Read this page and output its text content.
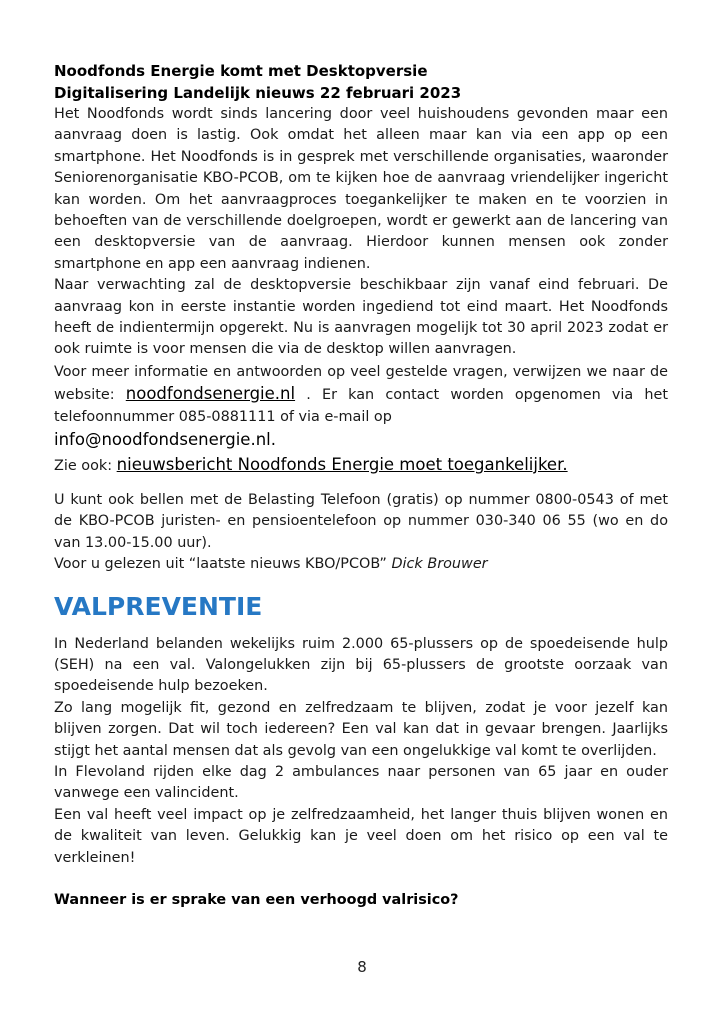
Noodfonds Energie komt met Desktopversie

Digitalisering Landelijk nieuws 22 februari 2023

Het Noodfonds wordt sinds lancering door veel huishoudens gevonden maar een aanvraag doen is lastig. Ook omdat het alleen maar kan via een app op een smartphone. Het Noodfonds is in gesprek met verschillende organisaties, waaronder Seniorenorganisatie KBO-PCOB, om te kijken hoe de aanvraag vriendelijker ingericht kan worden. Om het aanvraagproces toegankelijker te maken en te voorzien in behoeften van de verschillende doelgroepen, wordt er gewerkt aan de lancering van een desktopversie van de aanvraag. Hierdoor kunnen mensen ook zonder smartphone en app een aanvraag indienen.

Naar verwachting zal de desktopversie beschikbaar zijn vanaf eind februari. De aanvraag kon in eerste instantie worden ingediend tot eind maart. Het Noodfonds heeft de indientermijn opgerekt. Nu is aanvragen mogelijk tot 30 april 2023 zodat er ook ruimte is voor mensen die via de desktop willen aanvragen.

Voor meer informatie en antwoorden op veel gestelde vragen, verwijzen we naar de website: noodfondsenergie.nl . Er kan contact worden opgenomen via het telefoonnummer 085-0881111 of via e-mail op

info@noodfondsenergie.nl.

Zie ook: nieuwsbericht Noodfonds Energie moet toegankelijker.

U kunt ook bellen met de Belasting Telefoon (gratis) op nummer 0800-0543 of met de KBO-PCOB juristen- en pensioentelefoon op nummer 030-340 06 55 (wo en do van 13.00-15.00 uur).

Voor u gelezen uit “laatste nieuws KBO/PCOB” Dick Brouwer

VALPREVENTIE

In Nederland belanden wekelijks ruim 2.000 65-plussers op de spoedeisende hulp (SEH) na een val. Valongelukken zijn bij 65-plussers de grootste oorzaak van spoedeisende hulp bezoeken.

Zo lang mogelijk fit, gezond en zelfredzaam te blijven, zodat je voor jezelf kan blijven zorgen. Dat wil toch iedereen? Een val kan dat in gevaar brengen. Jaarlijks stijgt het aantal mensen dat als gevolg van een ongelukkige val komt te overlijden.

In Flevoland rijden elke dag 2 ambulances naar personen van 65 jaar en ouder vanwege een valincident.

Een val heeft veel impact op je zelfredzaamheid, het langer thuis blijven wonen en de kwaliteit van leven. Gelukkig kan je veel doen om het risico op een val te verkleinen!

Wanneer is er sprake van een verhoogd valrisico?

8
